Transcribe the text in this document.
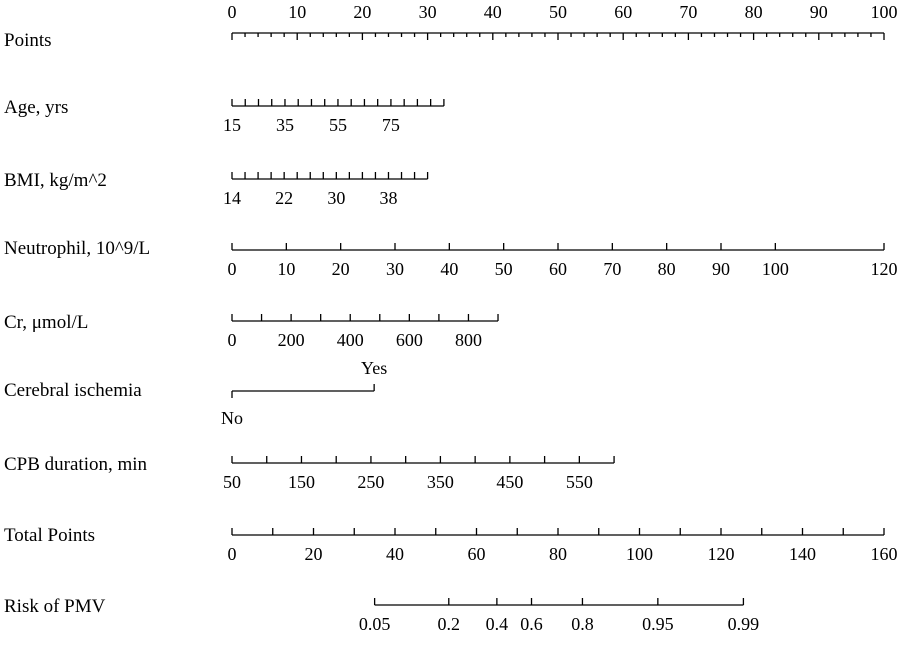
Points
0	10	20	30	40	50	60	70	80	90 100
Age, yrs
15 35 55 75
BMI, kg/m^2
14 22 30 38
Neutrophil, 10^9/L
0 10 20 30 40 50 60 70 80 90 100	120
Cr, μmol/L
0 200 400 600 800
Cerebral ischemia
No
Yes
CPB duration, min
50	150 250 350 450 550
Total Points
0	20	40	60	80	100	120	140	160
Risk of PMV
0.05	0.2 0.4 0.6 0.8	0.95	0.99
